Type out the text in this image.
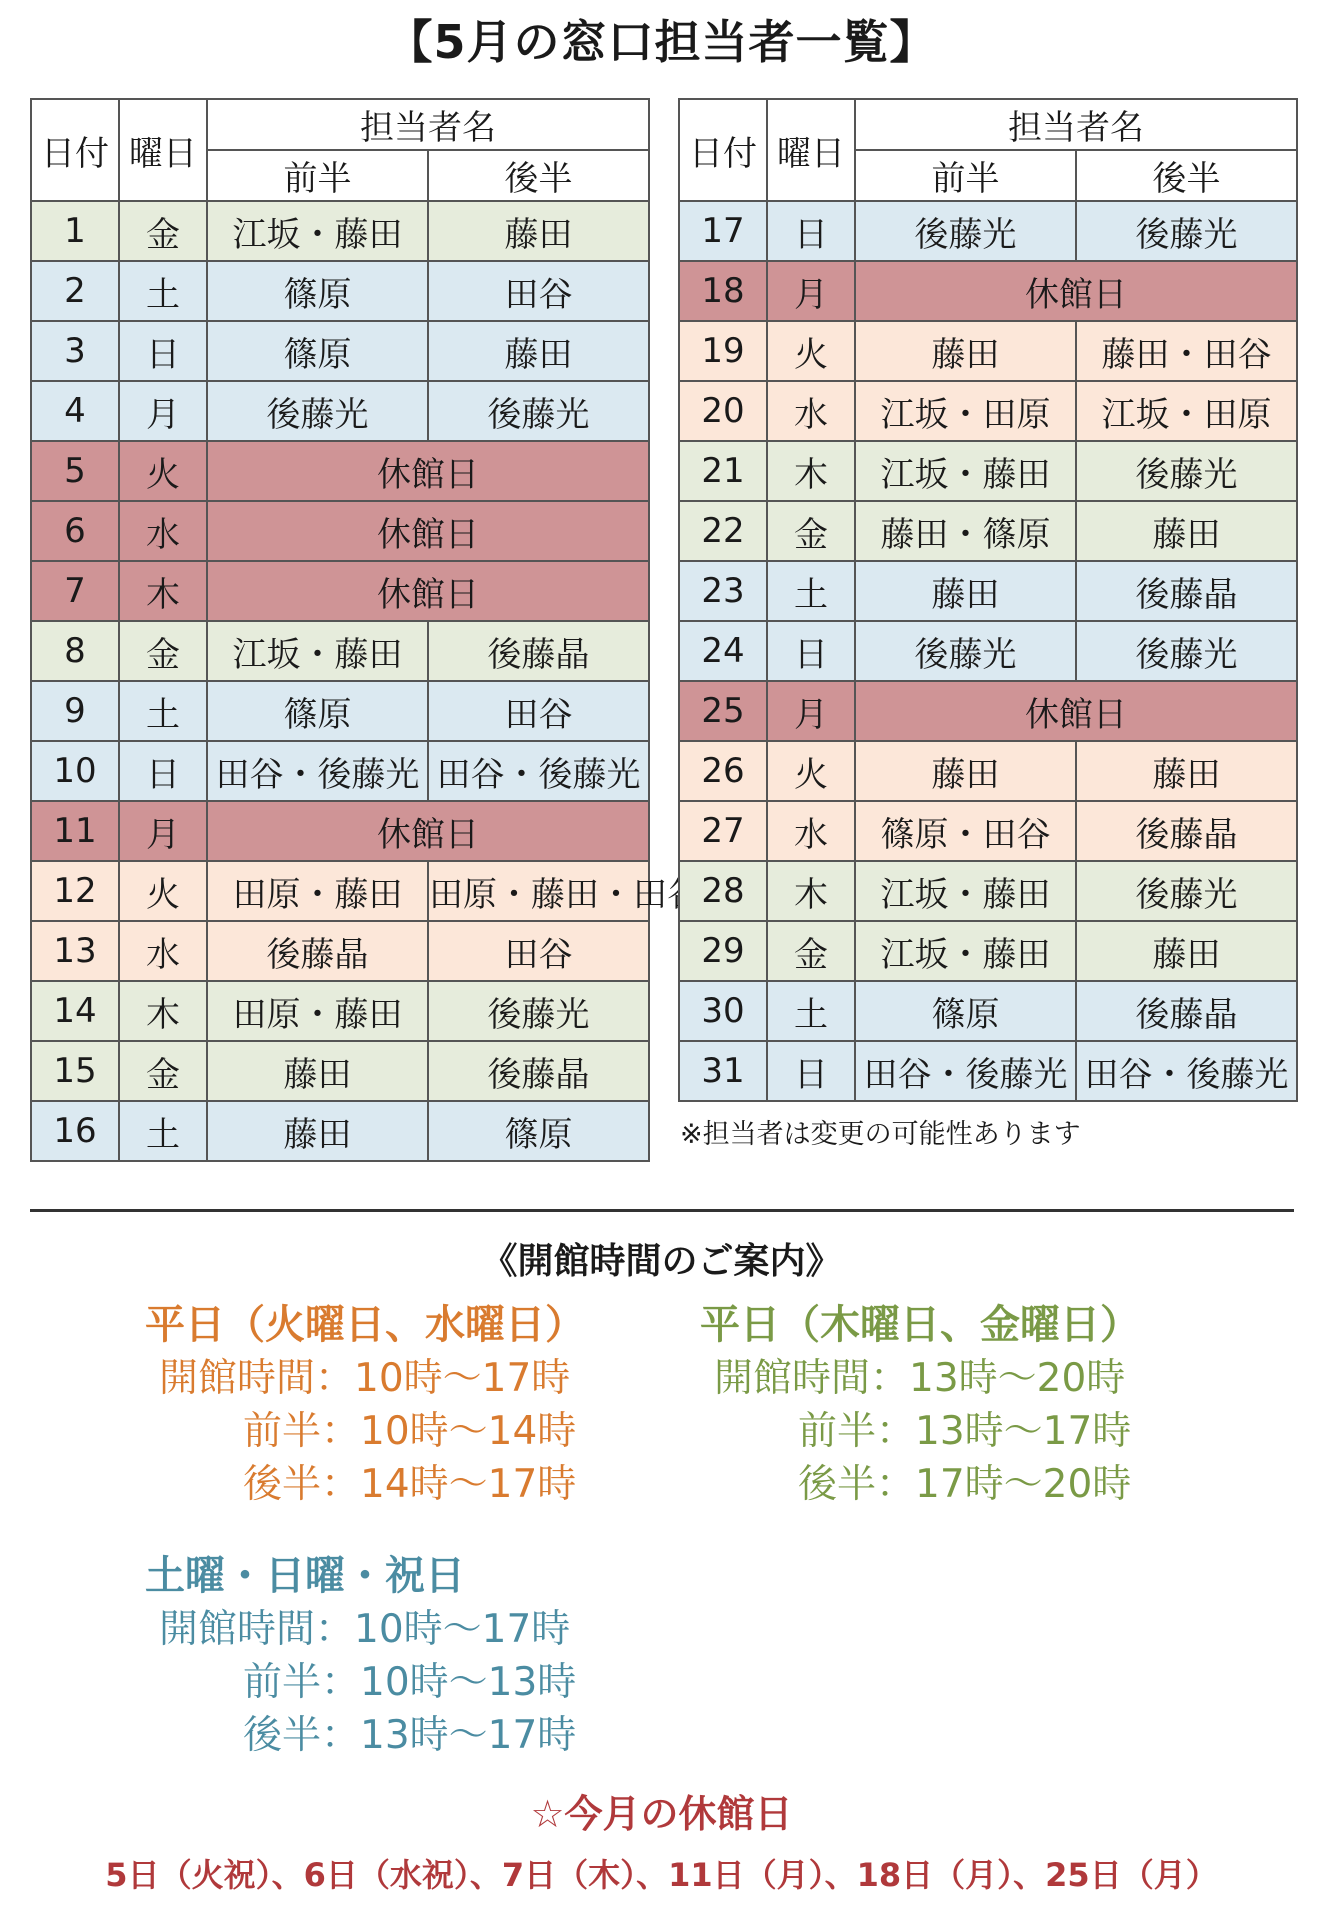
【5月の窓口担当者一覧】
日付	曜日	担当者名	
		前半	後半
1	金	江坂・藤田	藤田
2	土	篠原	田谷
3	日	篠原	藤田
4	月	後藤光	後藤光
5	火	休館日	
6	水	休館日	
7	木	休館日	
8	金	江坂・藤田	後藤晶
9	土	篠原	田谷
10	日	田谷・後藤光	田谷・後藤光
11	月	休館日	
12	火	田原・藤田	田原・藤田・田谷
13	水	後藤晶	田谷
14	木	田原・藤田	後藤光
15	金	藤田	後藤晶
16	土	藤田	篠原
日付	曜日	担当者名	
		前半	後半
17	日	後藤光	後藤光
18	月	休館日	
19	火	藤田	藤田・田谷
20	水	江坂・田原	江坂・田原
21	木	江坂・藤田	後藤光
22	金	藤田・篠原	藤田
23	土	藤田	後藤晶
24	日	後藤光	後藤光
25	月	休館日	
26	火	藤田	藤田
27	水	篠原・田谷	後藤晶
28	木	江坂・藤田	後藤光
29	金	江坂・藤田	藤田
30	土	篠原	後藤晶
31	日	田谷・後藤光	田谷・後藤光
※担当者は変更の可能性あります
《開館時間のご案内》
平日（火曜日、水曜日）
開館時間：10時～17時
前半：10時～14時
後半：14時～17時
平日（木曜日、金曜日）
開館時間：13時～20時
前半：13時～17時
後半：17時～20時
土曜・日曜・祝日
開館時間：10時～17時
前半：10時～13時
後半：13時～17時
☆今月の休館日
5日（火祝）、6日（水祝）、7日（木）、11日（月）、18日（月）、25日（月）
